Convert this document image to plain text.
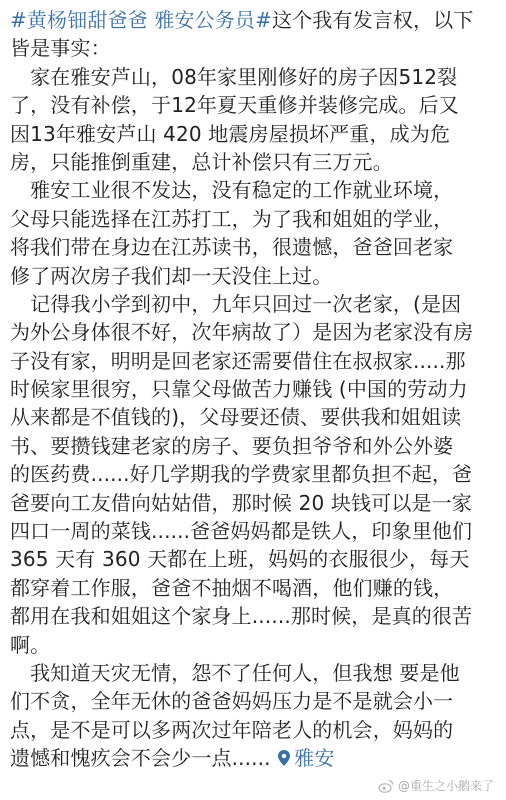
#黄杨钿甜爸爸 雅安公务员#这个我有发言权，以下
皆是事实：
　家在雅安芦山，08年家里刚修好的房子因512裂
了，没有补偿，于12年夏天重修并装修完成。后又
因13年雅安芦山 420 地震房屋损坏严重，成为危
房，只能推倒重建，总计补偿只有三万元。
　雅安工业很不发达，没有稳定的工作就业环境，
父母只能选择在江苏打工，为了我和姐姐的学业，
将我们带在身边在江苏读书，很遗憾，爸爸回老家
修了两次房子我们却一天没住上过。
　记得我小学到初中，九年只回过一次老家，(是因
为外公身体很不好，次年病故了）是因为老家没有房
子没有家，明明是回老家还需要借住在叔叔家.....那
时候家里很穷，只靠父母做苦力赚钱 (中国的劳动力
从来都是不值钱的)，父母要还债、要供我和姐姐读
书、要攒钱建老家的房子、要负担爷爷和外公外婆
的医药费......好几学期我的学费家里都负担不起，爸
爸要向工友借向姑姑借，那时候 20 块钱可以是一家
四口一周的菜钱......爸爸妈妈都是铁人，印象里他们
365 天有 360 天都在上班，妈妈的衣服很少，每天
都穿着工作服，爸爸不抽烟不喝酒，他们赚的钱，
都用在我和姐姐这个家身上......那时候，是真的很苦
啊。
　我知道天灾无情，怨不了任何人，但我想 要是他
们不贪，全年无休的爸爸妈妈压力是不是就会小一
点，是不是可以多两次过年陪老人的机会，妈妈的
遗憾和愧疚会不会少一点...... 雅安
@重生之小鹅来了
